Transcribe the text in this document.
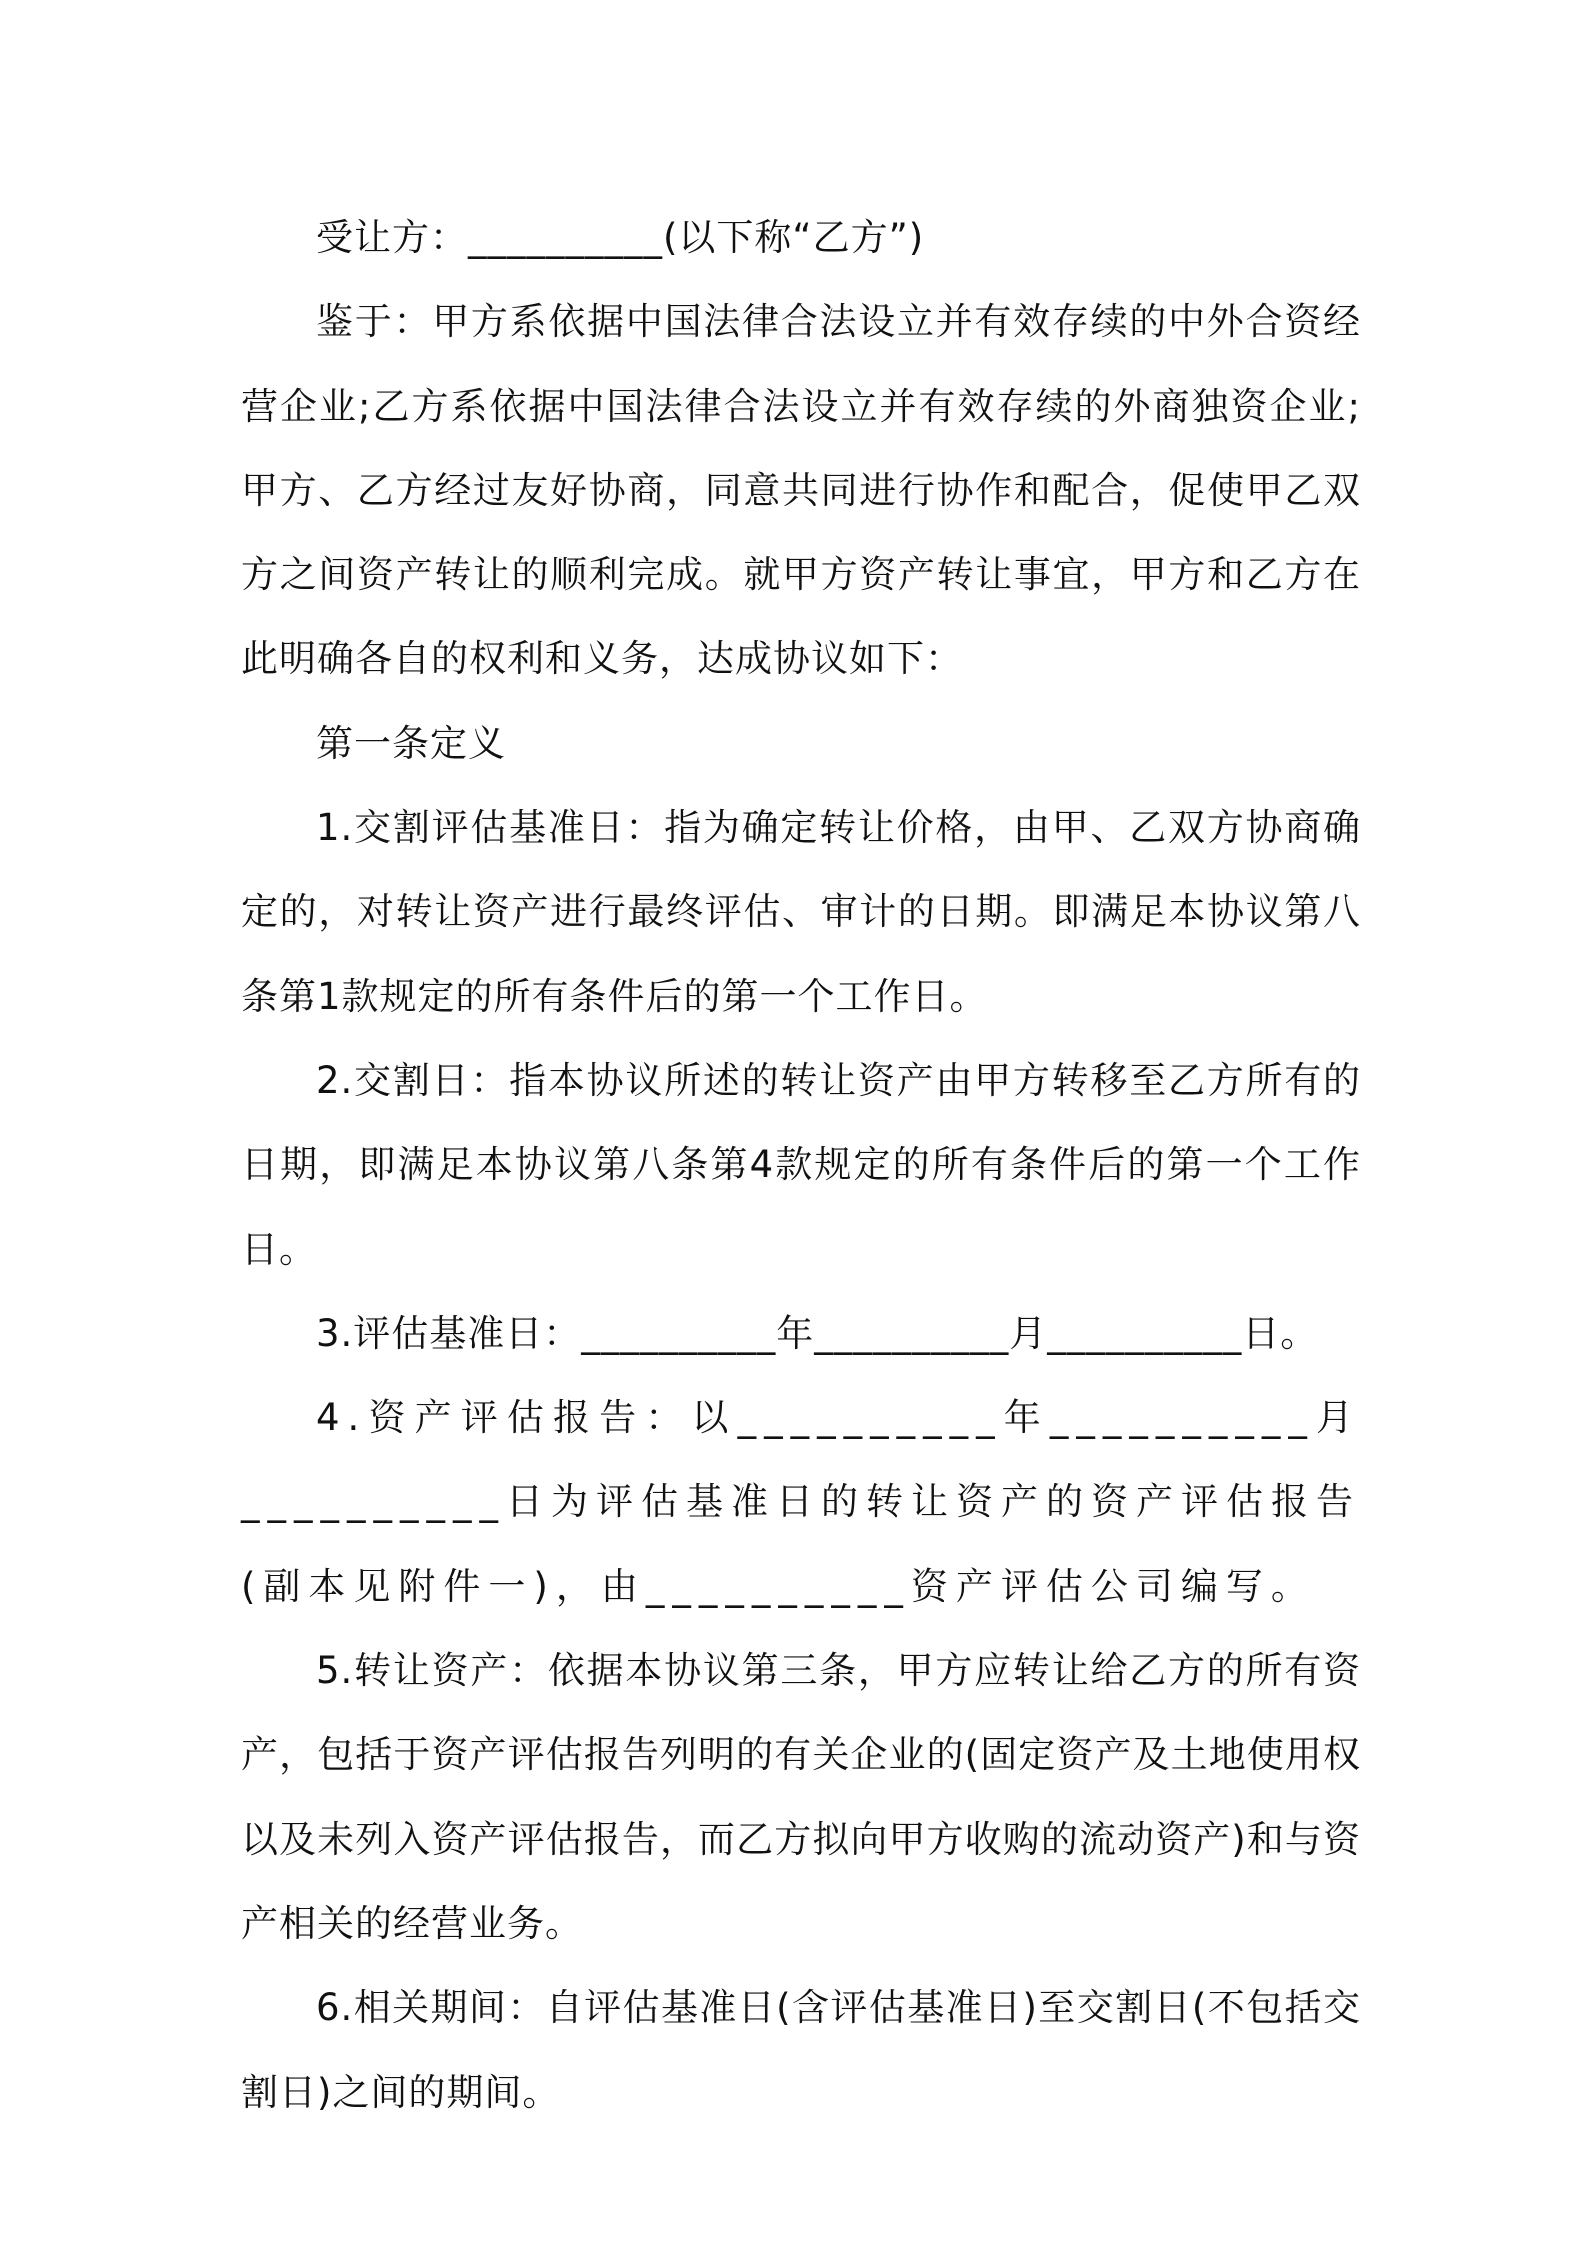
受让方：__________(以下称“乙方”)

鉴于：甲方系依据中国法律合法设立并有效存续的中外合资经营企业;乙方系依据中国法律合法设立并有效存续的外商独资企业;甲方、乙方经过友好协商，同意共同进行协作和配合，促使甲乙双方之间资产转让的顺利完成。就甲方资产转让事宜，甲方和乙方在此明确各自的权利和义务，达成协议如下：

第一条定义

1.交割评估基准日：指为确定转让价格，由甲、乙双方协商确定的，对转让资产进行最终评估、审计的日期。即满足本协议第八条第1款规定的所有条件后的第一个工作日。

2.交割日：指本协议所述的转让资产由甲方转移至乙方所有的日期，即满足本协议第八条第4款规定的所有条件后的第一个工作日。

3.评估基准日：__________年__________月__________日。

4.资产评估报告：以__________年__________月__________日为评估基准日的转让资产的资产评估报告(副本见附件一)，由__________资产评估公司编写。

5.转让资产：依据本协议第三条，甲方应转让给乙方的所有资产，包括于资产评估报告列明的有关企业的(固定资产及土地使用权以及未列入资产评估报告，而乙方拟向甲方收购的流动资产)和与资产相关的经营业务。

6.相关期间：自评估基准日(含评估基准日)至交割日(不包括交割日)之间的期间。
